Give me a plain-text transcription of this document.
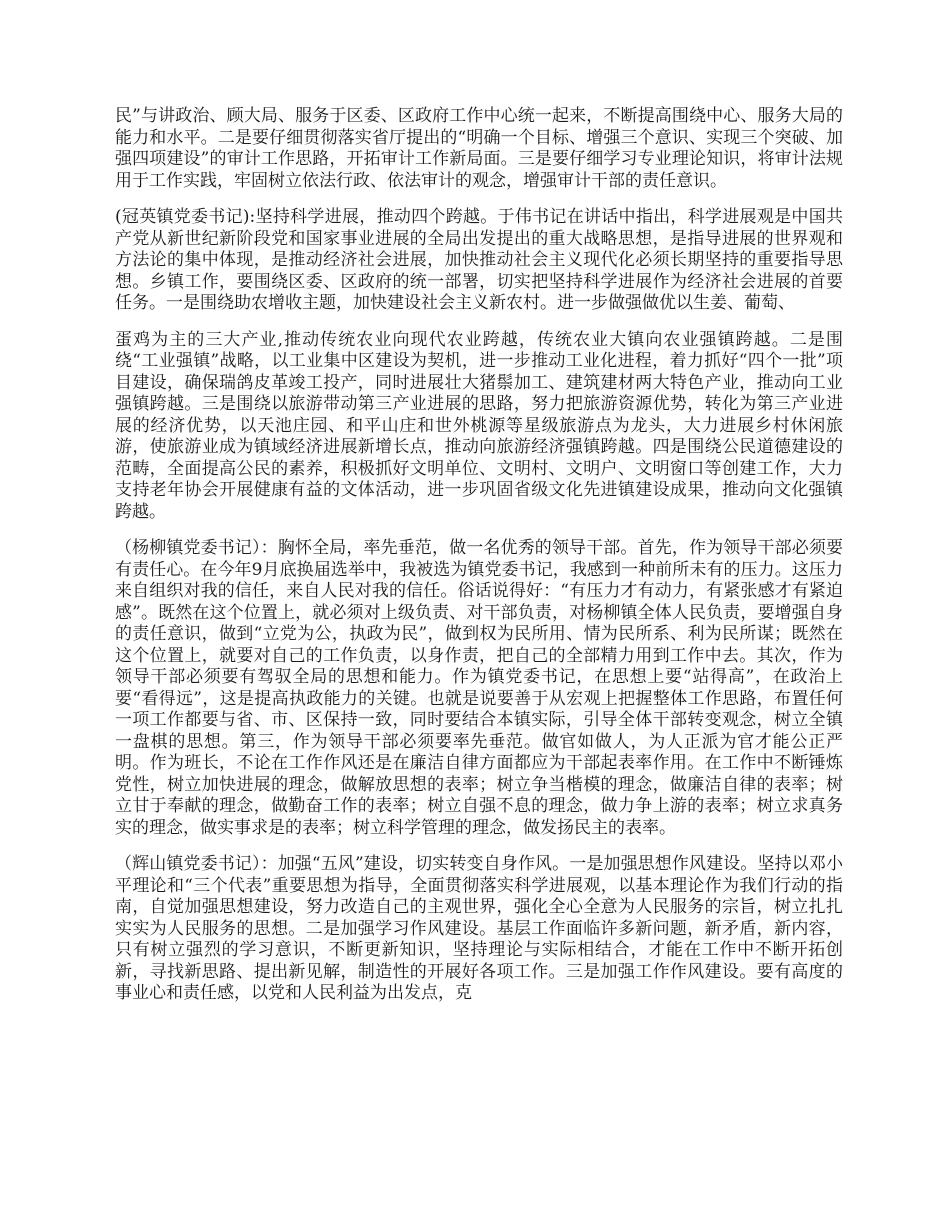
民”与讲政治、顾大局、服务于区委、区政府工作中心统一起来，不断提高围绕中心、服务大局的能力和水平。二是要仔细贯彻落实省厅提出的“明确一个目标、增强三个意识、实现三个突破、加强四项建设”的审计工作思路，开拓审计工作新局面。三是要仔细学习专业理论知识，将审计法规用于工作实践，牢固树立依法行政、依法审计的观念，增强审计干部的责任意识。

(冠英镇党委书记):坚持科学进展，推动四个跨越。于伟书记在讲话中指出，科学进展观是中国共产党从新世纪新阶段党和国家事业进展的全局出发提出的重大战略思想，是指导进展的世界观和方法论的集中体现，是推动经济社会进展，加快推动社会主义现代化必须长期坚持的重要指导思想。乡镇工作，要围绕区委、区政府的统一部署，切实把坚持科学进展作为经济社会进展的首要任务。一是围绕助农增收主题，加快建设社会主义新农村。进一步做强做优以生姜、葡萄、

蛋鸡为主的三大产业,推动传统农业向现代农业跨越，传统农业大镇向农业强镇跨越。二是围绕“工业强镇”战略，以工业集中区建设为契机，进一步推动工业化进程，着力抓好“四个一批”项目建设，确保瑞鸽皮革竣工投产，同时进展壮大猪鬃加工、建筑建材两大特色产业，推动向工业强镇跨越。三是围绕以旅游带动第三产业进展的思路，努力把旅游资源优势，转化为第三产业进展的经济优势，以天池庄园、和平山庄和世外桃源等星级旅游点为龙头，大力进展乡村休闲旅游，使旅游业成为镇域经济进展新增长点，推动向旅游经济强镇跨越。四是围绕公民道德建设的范畴，全面提高公民的素养，积极抓好文明单位、文明村、文明户、文明窗口等创建工作，大力支持老年协会开展健康有益的文体活动，进一步巩固省级文化先进镇建设成果，推动向文化强镇跨越。

（杨柳镇党委书记）：胸怀全局，率先垂范，做一名优秀的领导干部。首先，作为领导干部必须要有责任心。在今年9月底换届选举中，我被选为镇党委书记，我感到一种前所未有的压力。这压力来自组织对我的信任，来自人民对我的信任。俗话说得好：“有压力才有动力，有紧张感才有紧迫感”。既然在这个位置上，就必须对上级负责、对干部负责，对杨柳镇全体人民负责，要增强自身的责任意识，做到“立党为公，执政为民”，做到权为民所用、情为民所系、利为民所谋；既然在这个位置上，就要对自己的工作负责，以身作责，把自己的全部精力用到工作中去。其次，作为领导干部必须要有驾驭全局的思想和能力。作为镇党委书记，在思想上要“站得高”，在政治上要“看得远”，这是提高执政能力的关键。也就是说要善于从宏观上把握整体工作思路，布置任何一项工作都要与省、市、区保持一致，同时要结合本镇实际，引导全体干部转变观念，树立全镇一盘棋的思想。第三，作为领导干部必须要率先垂范。做官如做人，为人正派为官才能公正严明。作为班长，不论在工作作风还是在廉洁自律方面都应为干部起表率作用。在工作中不断锤炼党性，树立加快进展的理念，做解放思想的表率；树立争当楷模的理念，做廉洁自律的表率；树立甘于奉献的理念，做勤奋工作的表率；树立自强不息的理念，做力争上游的表率；树立求真务实的理念，做实事求是的表率；树立科学管理的理念，做发扬民主的表率。

（辉山镇党委书记）：加强“五风”建设，切实转变自身作风。一是加强思想作风建设。坚持以邓小平理论和“三个代表”重要思想为指导，全面贯彻落实科学进展观，以基本理论作为我们行动的指南，自觉加强思想建设，努力改造自己的主观世界，强化全心全意为人民服务的宗旨，树立扎扎实实为人民服务的思想。二是加强学习作风建设。基层工作面临许多新问题，新矛盾，新内容，只有树立强烈的学习意识，不断更新知识，坚持理论与实际相结合，才能在工作中不断开拓创新，寻找新思路、提出新见解，制造性的开展好各项工作。三是加强工作作风建设。要有高度的事业心和责任感，以党和人民利益为出发点，克
